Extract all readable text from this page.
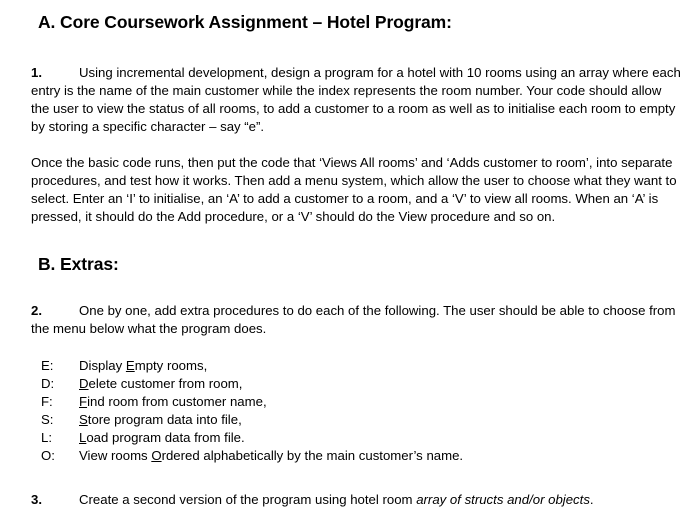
A. Core Coursework Assignment – Hotel Program:

1.	Using incremental development, design a program for a hotel with 10 rooms using an array where each entry is the name of the main customer while the index represents the room number. Your code should allow the user to view the status of all rooms, to add a customer to a room as well as to initialise each room to empty by storing a specific character – say “e”.

Once the basic code runs, then put the code that ‘Views All rooms’ and ‘Adds customer to room’, into separate procedures, and test how it works. Then add a menu system, which allow the user to choose what they want to select. Enter an ‘I’ to initialise, an ‘A’ to add a customer to a room, and a ‘V’ to view all rooms. When an ‘A’ is pressed, it should do the Add procedure, or a ‘V’ should do the View procedure and so on.

B. Extras:

2.	One by one, add extra procedures to do each of the following. The user should be able to choose from the menu below what the program does.

E: Display Empty rooms,
D: Delete customer from room,
F: Find room from customer name,
S: Store program data into file,
L: Load program data from file.
O: View rooms Ordered alphabetically by the main customer’s name.

3.	Create a second version of the program using hotel room array of structs and/or objects.
